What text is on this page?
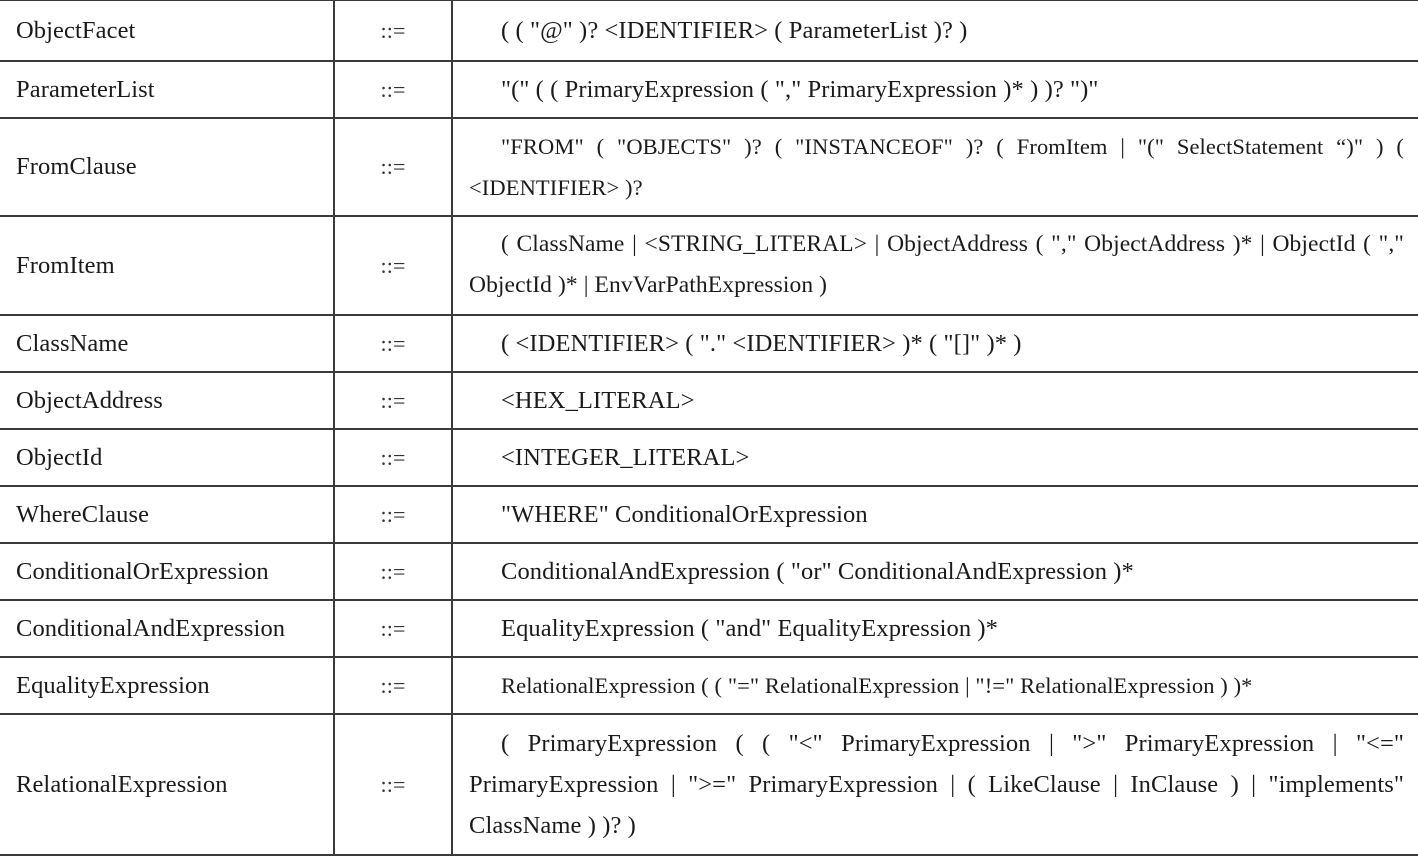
ObjectFacet	::=	( ( "@" )? <IDENTIFIER> ( ParameterList )? )

ParameterList	::=	"(" ( ( PrimaryExpression ( "," PrimaryExpression )* ) )? ")"

FromClause	::=	"FROM" ( "OBJECTS" )? ( "INSTANCEOF" )? ( FromItem | "(" SelectStatement “)" ) ( <IDENTIFIER> )?

FromItem	::=	( ClassName | <STRING_LITERAL> | ObjectAddress ( "," ObjectAddress )* | ObjectId ( "," ObjectId )* | EnvVarPathExpression )

ClassName	::=	( <IDENTIFIER> ( "." <IDENTIFIER> )* ( "[]" )* )

ObjectAddress	::=	<HEX_LITERAL>

ObjectId	::=	<INTEGER_LITERAL>

WhereClause	::=	"WHERE" ConditionalOrExpression

ConditionalOrExpression	::=	ConditionalAndExpression ( "or" ConditionalAndExpression )*

ConditionalAndExpression	::=	EqualityExpression ( "and" EqualityExpression )*

EqualityExpression	::=	RelationalExpression ( ( "=" RelationalExpression | "!=" RelationalExpression ) )*

RelationalExpression	::=	( PrimaryExpression ( ( "<" PrimaryExpression | ">" PrimaryExpression | "<=" PrimaryExpression | ">=" PrimaryExpression | ( LikeClause | InClause ) | "implements" ClassName ) )? )
